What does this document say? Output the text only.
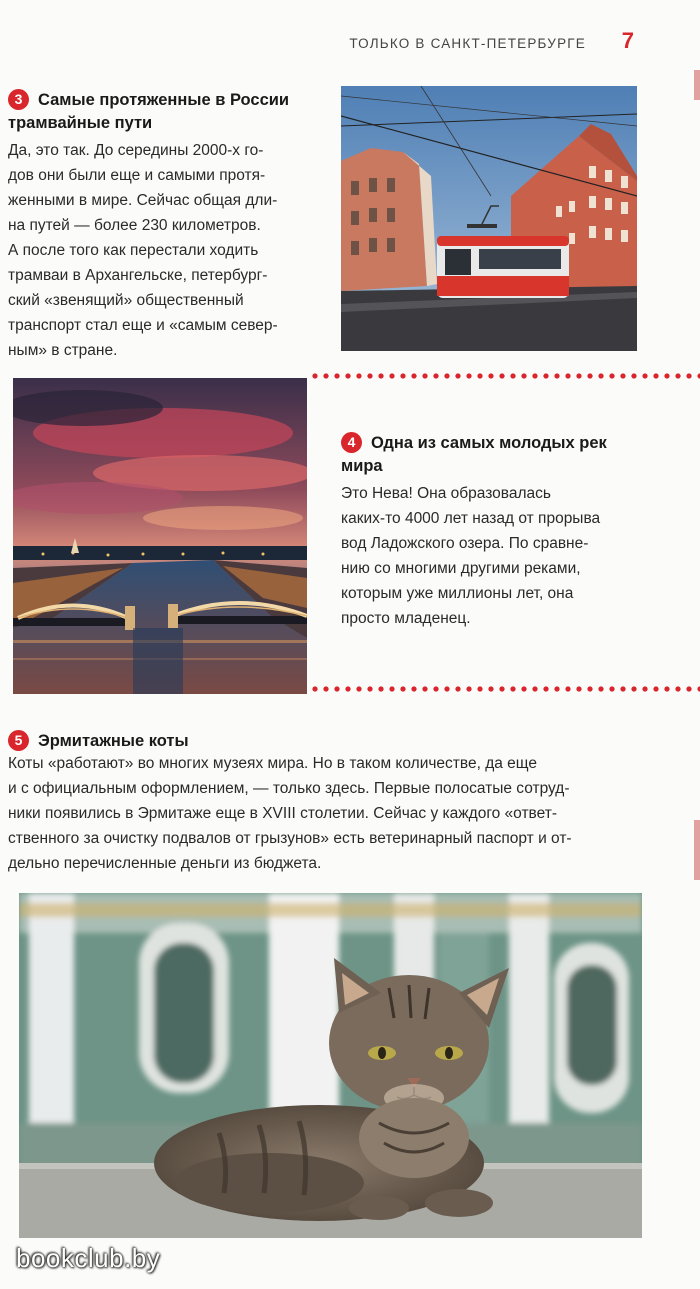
ТОЛЬКО В САНКТ-ПЕТЕРБУРГЕ 7
3 Самые протяженные в России
трамвайные пути
Да, это так. До середины 2000-х го-
дов они были еще и самыми протя-
женными в мире. Сейчас общая дли-
на путей — более 230 километров.
А после того как перестали ходить
трамваи в Архангельске, петербург-
ский «звенящий» общественный
транспорт стал еще и «самым север-
ным» в стране.
4 Одна из самых молодых рек
мира
Это Нева! Она образовалась
каких-то 4000 лет назад от прорыва
вод Ладожского озера. По сравне-
нию со многими другими реками,
которым уже миллионы лет, она
просто младенец.
5 Эрмитажные коты
Коты «работают» во многих музеях мира. Но в таком количестве, да еще
и с официальным оформлением, — только здесь. Первые полосатые сотруд-
ники появились в Эрмитаже еще в XVIII столетии. Сейчас у каждого «ответ-
ственного за очистку подвалов от грызунов» есть ветеринарный паспорт и от-
дельно перечисленные деньги из бюджета.
bookclub.by
